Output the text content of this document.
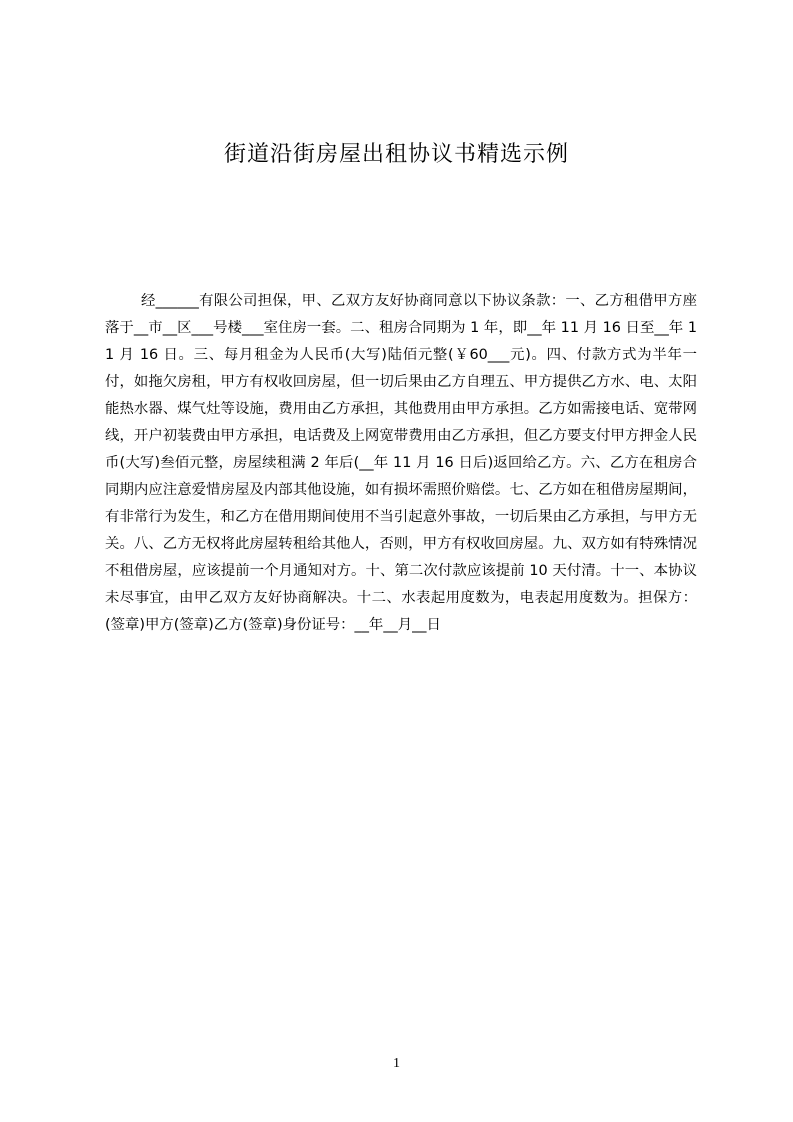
街道沿街房屋出租协议书精选示例

经______有限公司担保，甲、乙双方友好协商同意以下协议条款：一、乙方租借甲方座落于__市__区___号楼___室住房一套。二、租房合同期为 1 年，即__年 11 月 16 日至__年 11 月 16 日。三、每月租金为人民币(大写)陆佰元整(￥60___元)。四、付款方式为半年一付，如拖欠房租，甲方有权收回房屋，但一切后果由乙方自理五、甲方提供乙方水、电、太阳能热水器、煤气灶等设施，费用由乙方承担，其他费用由甲方承担。乙方如需接电话、宽带网线，开户初装费由甲方承担，电话费及上网宽带费用由乙方承担，但乙方要支付甲方押金人民币(大写)叁佰元整，房屋续租满 2 年后(__年 11 月 16 日后)返回给乙方。六、乙方在租房合同期内应注意爱惜房屋及内部其他设施，如有损坏需照价赔偿。七、乙方如在租借房屋期间，有非常行为发生，和乙方在借用期间使用不当引起意外事故，一切后果由乙方承担，与甲方无关。八、乙方无权将此房屋转租给其他人，否则，甲方有权收回房屋。九、双方如有特殊情况不租借房屋，应该提前一个月通知对方。十、第二次付款应该提前 10 天付清。十一、本协议未尽事宜，由甲乙双方友好协商解决。十二、水表起用度数为，电表起用度数为。担保方：(签章)甲方(签章)乙方(签章)身份证号：__年__月__日

1
